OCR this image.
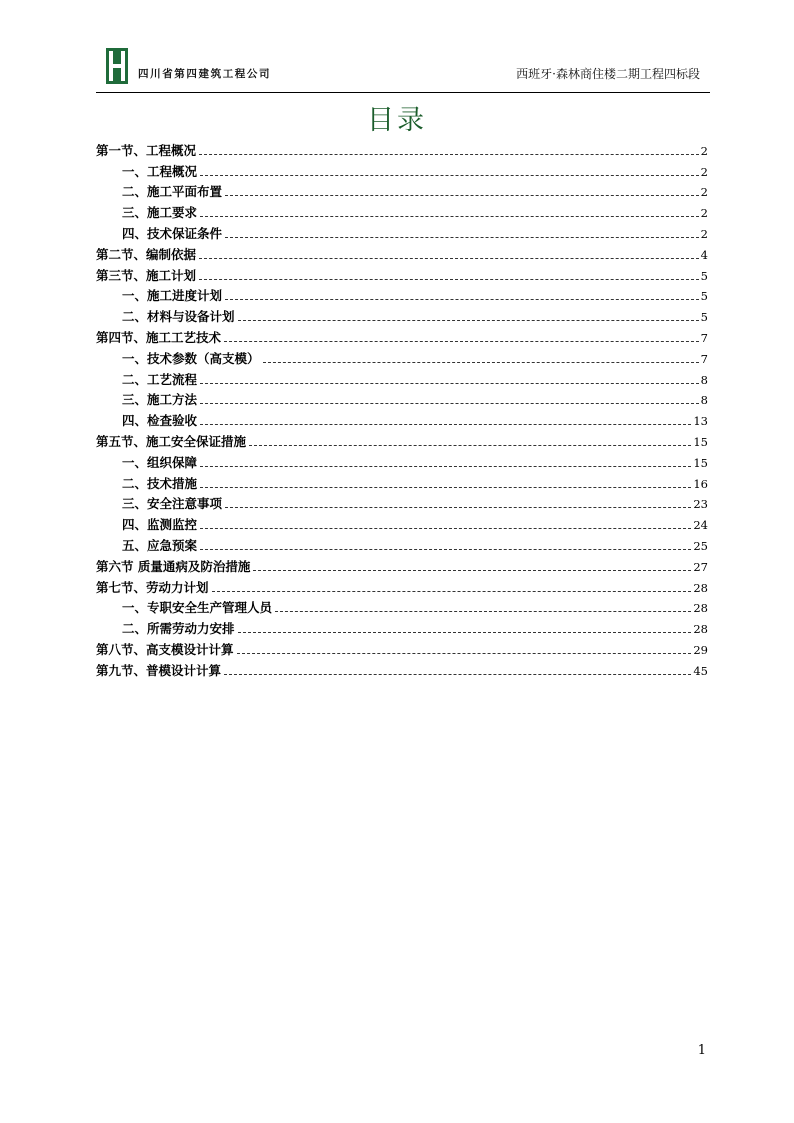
四川省第四建筑工程公司	西班牙·森林商住楼二期工程四标段
目录
第一节、工程概况	2
一、工程概况	2
二、施工平面布置	2
三、施工要求	2
四、技术保证条件	2
第二节、编制依据	4
第三节、施工计划	5
一、施工进度计划	5
二、材料与设备计划	5
第四节、施工工艺技术	7
一、技术参数（高支模）	7
二、工艺流程	8
三、施工方法	8
四、检查验收	13
第五节、施工安全保证措施	15
一、组织保障	15
二、技术措施	16
三、安全注意事项	23
四、监测监控	24
五、应急预案	25
第六节 质量通病及防治措施	27
第七节、劳动力计划	28
一、专职安全生产管理人员	28
二、所需劳动力安排	28
第八节、高支模设计计算	29
第九节、普模设计计算	45
1
